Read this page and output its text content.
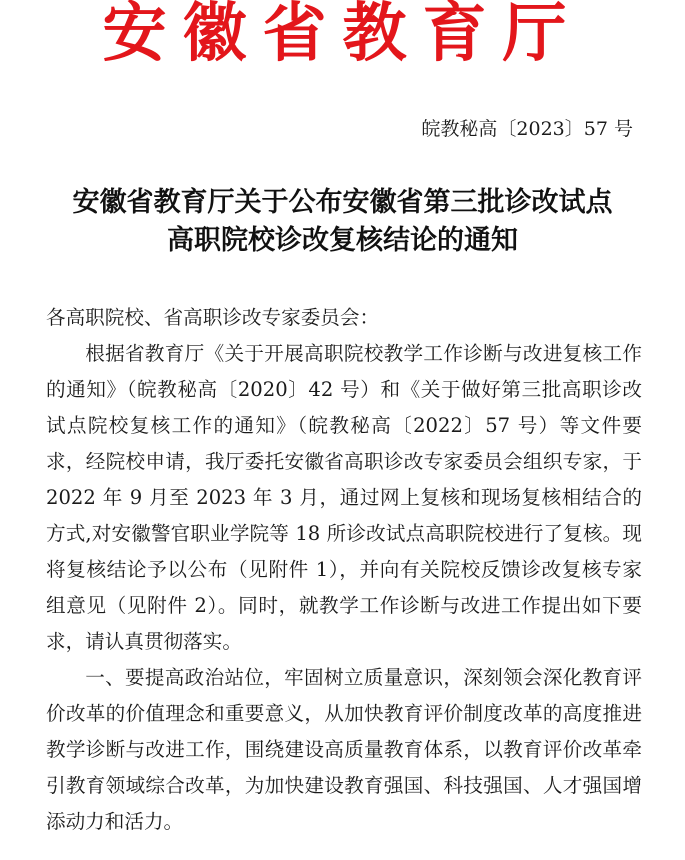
安徽省教育厅
皖教秘高〔2023〕57 号
安徽省教育厅关于公布安徽省第三批诊改试点
高职院校诊改复核结论的通知

各高职院校、省高职诊改专家委员会：

根据省教育厅《关于开展高职院校教学工作诊断与改进复核工作的通知》（皖教秘高〔2020〕42 号）和《关于做好第三批高职诊改试点院校复核工作的通知》（皖教秘高〔2022〕57 号）等文件要求，经院校申请，我厅委托安徽省高职诊改专家委员会组织专家，于 2022 年 9 月至 2023 年 3 月，通过网上复核和现场复核相结合的方式,对安徽警官职业学院等 18 所诊改试点高职院校进行了复核。现将复核结论予以公布（见附件 1），并向有关院校反馈诊改复核专家组意见（见附件 2）。同时，就教学工作诊断与改进工作提出如下要求，请认真贯彻落实。

一、要提高政治站位，牢固树立质量意识，深刻领会深化教育评价改革的价值理念和重要意义，从加快教育评价制度改革的高度推进教学诊断与改进工作，围绕建设高质量教育体系，以教育评价改革牵引教育领域综合改革，为加快建设教育强国、科技强国、人才强国增添动力和活力。
